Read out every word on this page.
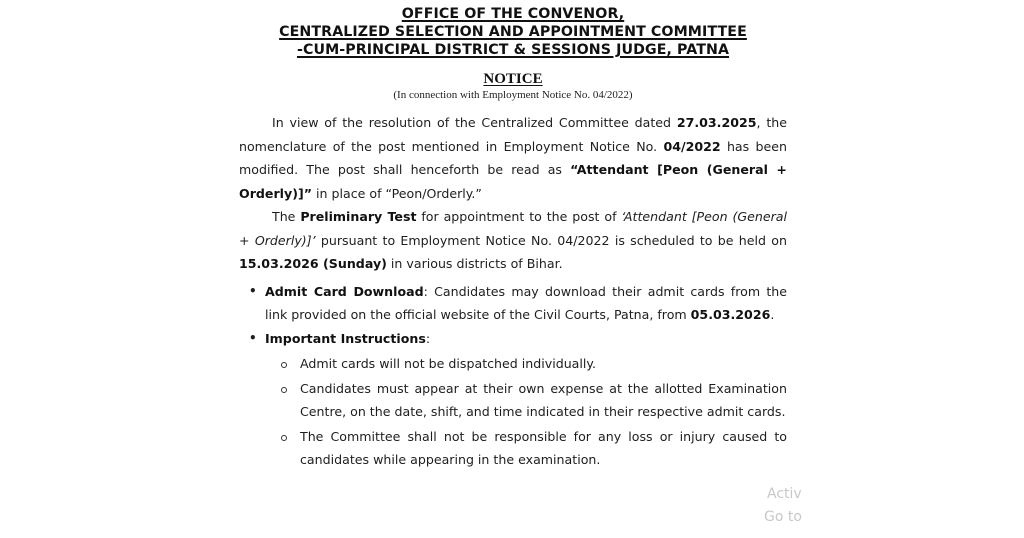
OFFICE OF THE CONVENOR,
CENTRALIZED SELECTION AND APPOINTMENT COMMITTEE
-CUM-PRINCIPAL DISTRICT & SESSIONS JUDGE, PATNA

NOTICE

(In connection with Employment Notice No. 04/2022)

In view of the resolution of the Centralized Committee dated 27.03.2025, the nomenclature of the post mentioned in Employment Notice No. 04/2022 has been modified. The post shall henceforth be read as “Attendant [Peon (General + Orderly)]” in place of “Peon/Orderly.”

The Preliminary Test for appointment to the post of ‘Attendant [Peon (General + Orderly)]’ pursuant to Employment Notice No. 04/2022 is scheduled to be held on 15.03.2026 (Sunday) in various districts of Bihar.

• Admit Card Download: Candidates may download their admit cards from the link provided on the official website of the Civil Courts, Patna, from 05.03.2026.
• Important Instructions:
Admit cards will not be dispatched individually.
Candidates must appear at their own expense at the allotted Examination Centre, on the date, shift, and time indicated in their respective admit cards.
The Committee shall not be responsible for any loss or injury caused to candidates while appearing in the examination.
Activ
Go to
